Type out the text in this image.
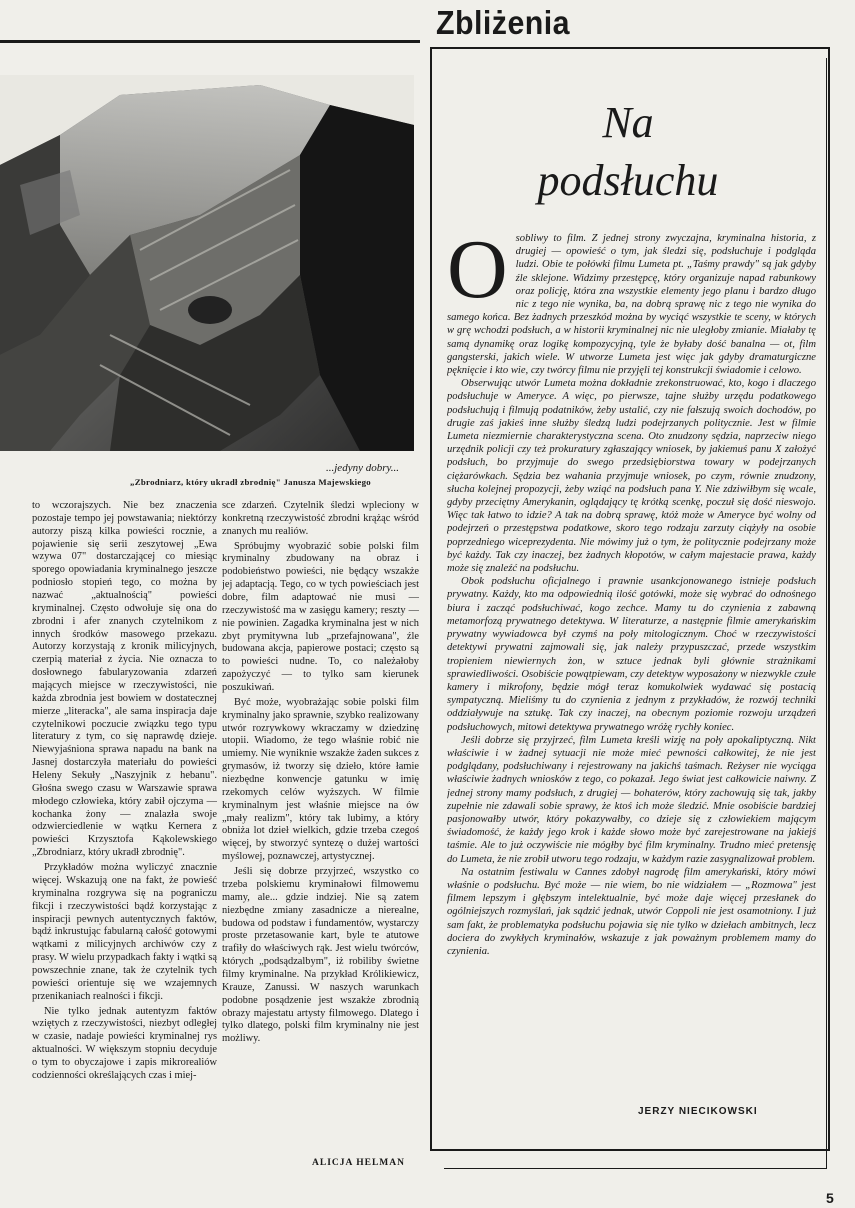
Zbliżenia
...jedyny dobry...
„Zbrodniarz, który ukradł zbrodnię" Janusza Majewskiego

to wczorajszych. Nie bez znaczenia pozostaje tempo jej powstawania; niektórzy autorzy piszą kilka powieści rocznie, a pojawienie się serii zeszytowej „Ewa wzywa 07" dostarczającej co miesiąc sporego opowiadania kryminalnego jeszcze podniosło stopień tego, co można by nazwać „aktualnością" powieści kryminalnej. Często odwołuje się ona do zbrodni i afer znanych czytelnikom z innych środków masowego przekazu. Autorzy korzystają z kronik milicyjnych, czerpią materiał z życia. Nie oznacza to dosłownego fabularyzowania zdarzeń mających miejsce w rzeczywistości, nie każda zbrodnia jest bowiem w dostatecznej mierze „literacka", ale sama inspiracja daje czytelnikowi poczucie związku tego typu literatury z tym, co się naprawdę dzieje. Niewyjaśniona sprawa napadu na bank na Jasnej dostarczyła materiału do powieści Heleny Sekuły „Naszyjnik z hebanu". Głośna swego czasu w Warszawie sprawa młodego człowieka, który zabił ojczyma — kochanka żony — znalazła swoje odzwierciedlenie w wątku Kernera z powieści Krzysztofa Kąkolewskiego „Zbrodniarz, który ukradł zbrodnię".

Przykładów można wyliczyć znacznie więcej. Wskazują one na fakt, że powieść kryminalna rozgrywa się na pograniczu fikcji i rzeczywistości bądź korzystając z inspiracji pewnych autentycznych faktów, bądź inkrustując fabularną całość gotowymi wątkami z milicyjnych archiwów czy z prasy. W wielu przypadkach fakty i wątki są powszechnie znane, tak że czytelnik tych powieści orientuje się we wzajemnych przenikaniach realności i fikcji.

Nie tylko jednak autentyzm faktów wziętych z rzeczywistości, niezbyt odległej w czasie, nadaje powieści kryminalnej rys aktualności. W większym stopniu decyduje o tym to obyczajowe i zapis mikrorealiów codzienności określających czas i miej-

sce zdarzeń. Czytelnik śledzi wpleciony w konkretną rzeczywistość zbrodni krążąc wśród znanych mu realiów.

Spróbujmy wyobrazić sobie polski film kryminalny zbudowany na obraz i podobieństwo powieści, nie będący wszakże jej adaptacją. Tego, co w tych powieściach jest dobre, film adaptować nie musi — rzeczywistość ma w zasięgu kamery; reszty — nie powinien. Zagadka kryminalna jest w nich zbyt prymitywna lub „przefajnowana", źle budowana akcja, papierowe postaci; często są to powieści nudne. To, co należałoby zapożyczyć — to tylko sam kierunek poszukiwań.

Być może, wyobrażając sobie polski film kryminalny jako sprawnie, szybko realizowany utwór rozrywkowy wkraczamy w dziedzinę utopii. Wiadomo, że tego właśnie robić nie umiemy. Nie wyniknie wszakże żaden sukces z grymasów, iż tworzy się dzieło, które łamie niezbędne konwencje gatunku w imię rzekomych celów wyższych. W filmie kryminalnym jest właśnie miejsce na ów „mały realizm", który tak lubimy, a który obniża lot dzieł wielkich, gdzie trzeba czegoś więcej, by stworzyć syntezę o dużej wartości myślowej, poznawczej, artystycznej.

Jeśli się dobrze przyjrzeć, wszystko co trzeba polskiemu kryminałowi filmowemu mamy, ale... gdzie indziej. Nie są zatem niezbędne zmiany zasadnicze a nierealne, budowa od podstaw i fundamentów, wystarczy proste przetasowanie kart, byle te atutowe trafiły do właściwych rąk. Jest wielu twórców, których „podsądzalbym", iż robiliby świetne filmy kryminalne. Na przykład Królikiewicz, Krauze, Zanussi. W naszych warunkach podobne posądzenie jest wszakże zbrodnią obrazy majestatu artysty filmowego. Dlatego i tylko dlatego, polski film kryminalny nie jest możliwy.

ALICJA HELMAN
Na
podsłuchu

Osobliwy to film. Z jednej strony zwyczajna, kryminalna historia, z drugiej — opowieść o tym, jak śledzi się, podsłuchuje i podgląda ludzi. Obie te połówki filmu Lumeta pt. „Taśmy prawdy" są jak gdyby źle sklejone. Widzimy przestępcę, który organizuje napad rabunkowy oraz policję, która zna wszystkie elementy jego planu i bardzo długo nic z tego nie wynika, ba, na dobrą sprawę nic z tego nie wynika do samego końca. Bez żadnych przeszkód można by wyciąć wszystkie te sceny, w których w grę wchodzi podsłuch, a w historii kryminalnej nic nie uległoby zmianie. Miałaby tę samą dynamikę oraz logikę kompozycyjną, tyle że byłaby dość banalna — ot, film gangsterski, jakich wiele. W utworze Lumeta jest więc jak gdyby dramaturgiczne pęknięcie i kto wie, czy twórcy filmu nie przyjęli tej konstrukcji świadomie i celowo.

Obserwując utwór Lumeta można dokładnie zrekonstruować, kto, kogo i dlaczego podsłuchuje w Ameryce. A więc, po pierwsze, tajne służby urzędu podatkowego podsłuchują i filmują podatników, żeby ustalić, czy nie fałszują swoich dochodów, po drugie zaś jakieś inne służby śledzą ludzi podejrzanych politycznie. Jest w filmie Lumeta niezmiernie charakterystyczna scena. Oto znudzony sędzia, naprzeciw niego urzędnik policji czy też prokuratury zgłaszający wniosek, by jakiemuś panu X założyć podsłuch, bo przyjmuje do swego przedsiębiorstwa towary w podejrzanych ciężarówkach. Sędzia bez wahania przyjmuje wniosek, po czym, równie znudzony, słucha kolejnej propozycji, żeby wziąć na podsłuch pana Y. Nie zdziwiłbym się wcale, gdyby przeciętny Amerykanin, oglądający tę krótką scenkę, poczuł się dość nieswojo. Więc tak łatwo to idzie? A tak na dobrą sprawę, któż może w Ameryce być wolny od podejrzeń o przestępstwa podatkowe, skoro tego rodzaju zarzuty ciążyły na osobie poprzedniego wiceprezydenta. Nie mówimy już o tym, że politycznie podejrzany może być każdy. Tak czy inaczej, bez żadnych kłopotów, w całym majestacie prawa, każdy może się znaleźć na podsłuchu.

Obok podsłuchu oficjalnego i prawnie usankcjonowanego istnieje podsłuch prywatny. Każdy, kto ma odpowiednią ilość gotówki, może się wybrać do odnośnego biura i zacząć podsłuchiwać, kogo zechce. Mamy tu do czynienia z zabawną metamorfozą prywatnego detektywa. W literaturze, a następnie filmie amerykańskim prywatny wywiadowca był czymś na poły mitologicznym. Choć w rzeczywistości detektywi prywatni zajmowali się, jak należy przypuszczać, przede wszystkim tropieniem niewiernych żon, w sztuce jednak byli głównie strażnikami sprawiedliwości. Osobiście powątpiewam, czy detektyw wyposażony w niezwykle czułe kamery i mikrofony, będzie mógł teraz komukolwiek wydawać się postacią sympatyczną. Mieliśmy tu do czynienia z jednym z przykładów, że rozwój techniki oddziaływuje na sztukę. Tak czy inaczej, na obecnym poziomie rozwoju urządzeń podsłuchowych, mitowi detektywa prywatnego wróżę rychły koniec.

Jeśli dobrze się przyjrzeć, film Lumeta kreśli wizję na poły apokaliptyczną. Nikt właściwie i w żadnej sytuacji nie może mieć pewności całkowitej, że nie jest podglądany, podsłuchiwany i rejestrowany na jakichś taśmach. Reżyser nie wyciąga właściwie żadnych wniosków z tego, co pokazał. Jego świat jest całkowicie naiwny. Z jednej strony mamy podsłuch, z drugiej — bohaterów, który zachowują się tak, jakby zupełnie nie zdawali sobie sprawy, że ktoś ich może śledzić. Mnie osobiście bardziej pasjonowałby utwór, który pokazywałby, co dzieje się z człowiekiem mającym świadomość, że każdy jego krok i każde słowo może być zarejestrowane na jakiejś taśmie. Ale to już oczywiście nie mógłby być film kryminalny. Trudno mieć pretensję do Lumeta, że nie zrobił utworu tego rodzaju, w każdym razie zasygnalizował problem.

Na ostatnim festiwalu w Cannes zdobył nagrodę film amerykański, który mówi właśnie o podsłuchu. Być może — nie wiem, bo nie widziałem — „Rozmowa" jest filmem lepszym i głębszym intelektualnie, być może daje więcej przesłanek do ogólniejszych rozmyślań, jak sądzić jednak, utwór Coppoli nie jest osamotniony. I już sam fakt, że problematyka podsłuchu pojawia się nie tylko w dziełach ambitnych, lecz dociera do zwykłych kryminałów, wskazuje z jak poważnym problemem mamy do czynienia.

JERZY NIECIKOWSKI
5
